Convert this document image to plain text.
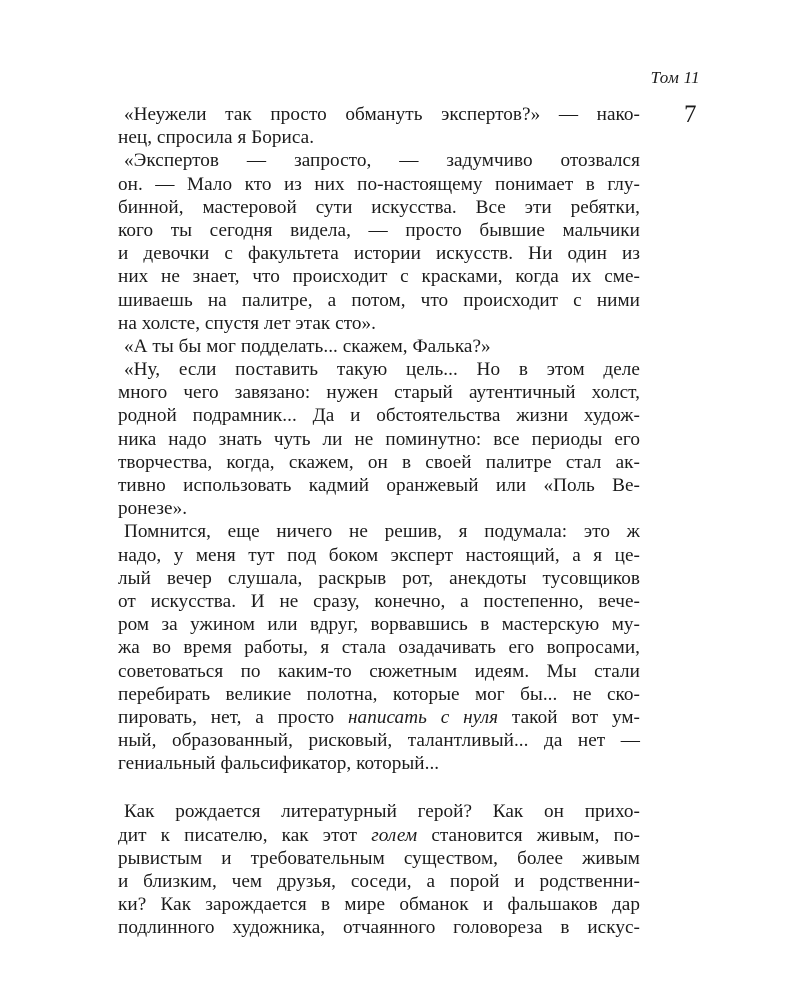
Том 11
7
«Неужели так просто обмануть экспертов?» — нако-
нец, спросила я Бориса.
«Экспертов — запросто, — задумчиво отозвался
он. — Мало кто из них по-настоящему понимает в глу-
бинной, мастеровой сути искусства. Все эти ребятки,
кого ты сегодня видела, — просто бывшие мальчики
и девочки с факультета истории искусств. Ни один из
них не знает, что происходит с красками, когда их сме-
шиваешь на палитре, а потом, что происходит с ними
на холсте, спустя лет этак сто».
«А ты бы мог подделать... скажем, Фалька?»
«Ну, если поставить такую цель... Но в этом деле
много чего завязано: нужен старый аутентичный холст,
родной подрамник... Да и обстоятельства жизни худож-
ника надо знать чуть ли не поминутно: все периоды его
творчества, когда, скажем, он в своей палитре стал ак-
тивно использовать кадмий оранжевый или «Поль Ве-
ронезе».
Помнится, еще ничего не решив, я подумала: это ж
надо, у меня тут под боком эксперт настоящий, а я це-
лый вечер слушала, раскрыв рот, анекдоты тусовщиков
от искусства. И не сразу, конечно, а постепенно, вече-
ром за ужином или вдруг, ворвавшись в мастерскую му-
жа во время работы, я стала озадачивать его вопросами,
советоваться по каким-то сюжетным идеям. Мы стали
перебирать великие полотна, которые мог бы... не ско-
пировать, нет, а просто написать с нуля такой вот ум-
ный, образованный, рисковый, талантливый... да нет —
гениальный фальсификатор, который...
Как рождается литературный герой? Как он прихо-
дит к писателю, как этот голем становится живым, по-
рывистым и требовательным существом, более живым
и близким, чем друзья, соседи, а порой и родственни-
ки? Как зарождается в мире обманок и фальшаков дар
подлинного художника, отчаянного головореза в искус-
